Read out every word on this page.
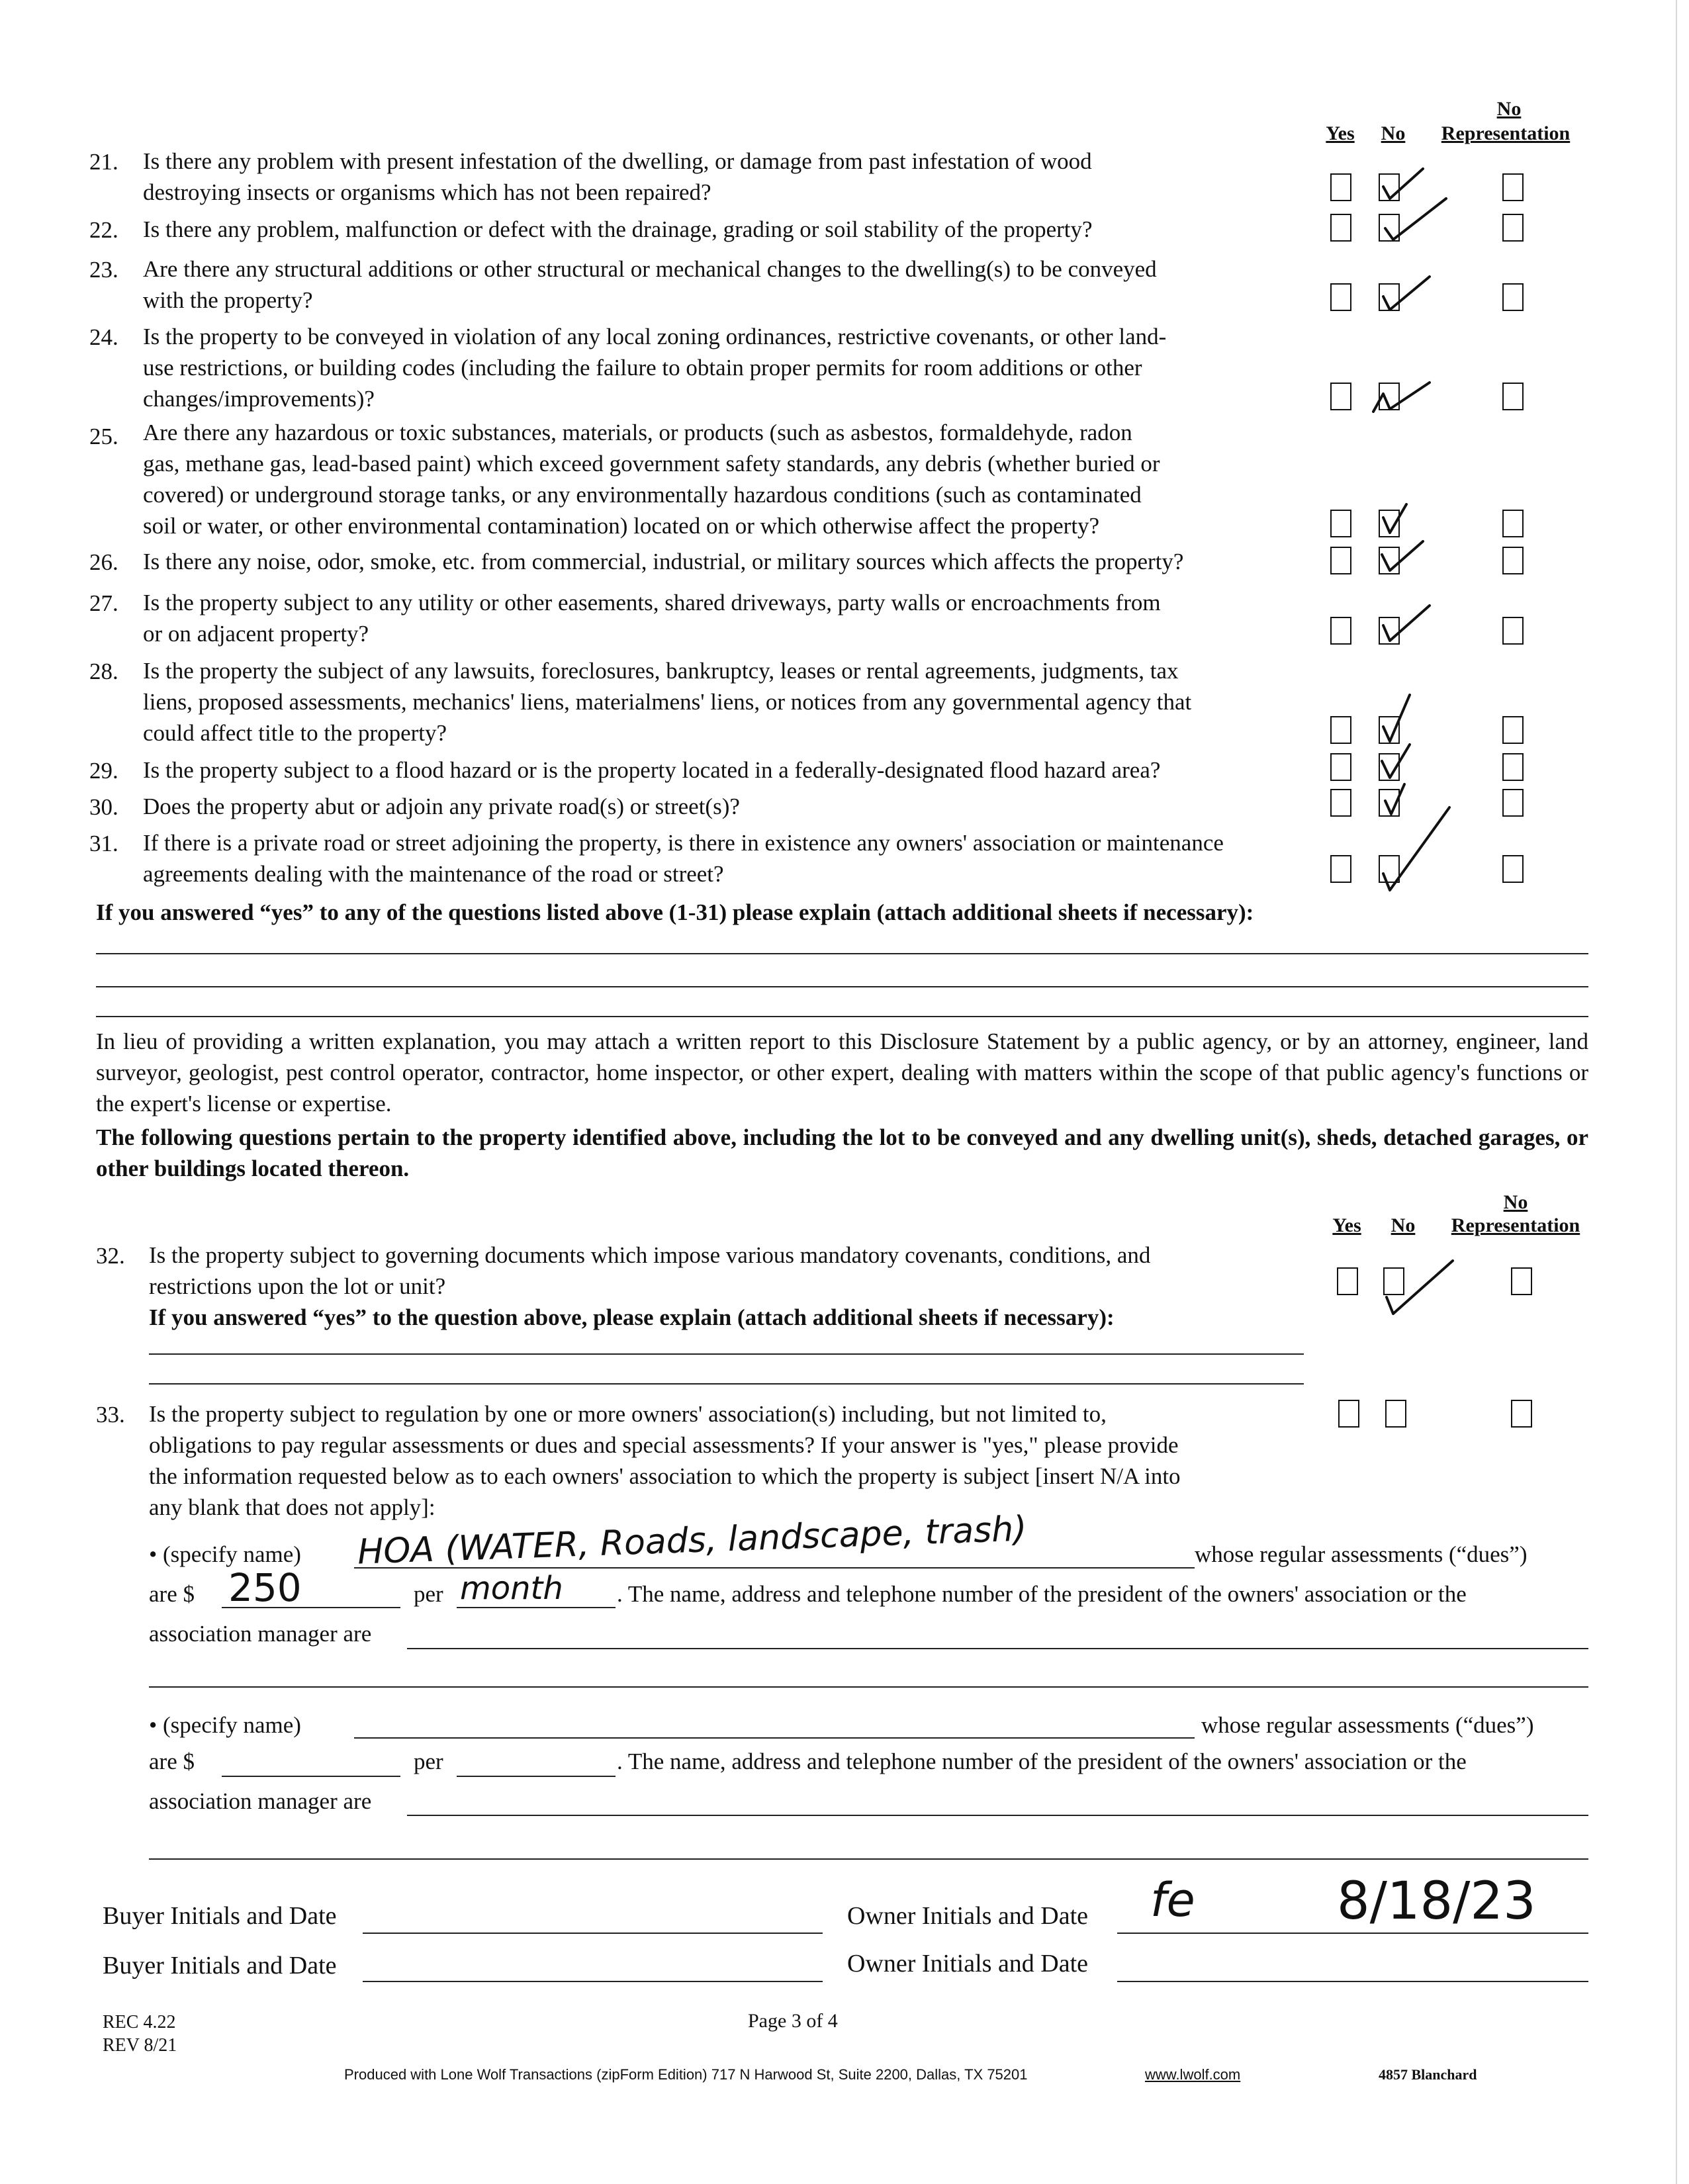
No
Yes	No	Representation
21. Is there any problem with present infestation of the dwelling, or damage from past infestation of wood
destroying insects or organisms which has not been repaired?
22. Is there any problem, malfunction or defect with the drainage, grading or soil stability of the property?
23. Are there any structural additions or other structural or mechanical changes to the dwelling(s) to be conveyed
with the property?
24. Is the property to be conveyed in violation of any local zoning ordinances, restrictive covenants, or other land-
use restrictions, or building codes (including the failure to obtain proper permits for room additions or other
changes/improvements)?
25. Are there any hazardous or toxic substances, materials, or products (such as asbestos, formaldehyde, radon
gas, methane gas, lead-based paint) which exceed government safety standards, any debris (whether buried or
covered) or underground storage tanks, or any environmentally hazardous conditions (such as contaminated
soil or water, or other environmental contamination) located on or which otherwise affect the property?
26. Is there any noise, odor, smoke, etc. from commercial, industrial, or military sources which affects the property?
27. Is the property subject to any utility or other easements, shared driveways, party walls or encroachments from
or on adjacent property?
28. Is the property the subject of any lawsuits, foreclosures, bankruptcy, leases or rental agreements, judgments, tax
liens, proposed assessments, mechanics' liens, materialmens' liens, or notices from any governmental agency that
could affect title to the property?
29. Is the property subject to a flood hazard or is the property located in a federally-designated flood hazard area?
30. Does the property abut or adjoin any private road(s) or street(s)?
31. If there is a private road or street adjoining the property, is there in existence any owners' association or maintenance
agreements dealing with the maintenance of the road or street?
If you answered “yes” to any of the questions listed above (1-31) please explain (attach additional sheets if necessary):
In lieu of providing a written explanation, you may attach a written report to this Disclosure Statement by a public agency, or by an attorney, engineer, land surveyor, geologist, pest control operator, contractor, home inspector, or other expert, dealing with matters within the scope of that public agency's functions or the expert's license or expertise.
The following questions pertain to the property identified above, including the lot to be conveyed and any dwelling unit(s), sheds, detached garages, or other buildings located thereon.
No
Yes	No	Representation
32. Is the property subject to governing documents which impose various mandatory covenants, conditions, and
restrictions upon the lot or unit?
If you answered “yes” to the question above, please explain (attach additional sheets if necessary):
33. Is the property subject to regulation by one or more owners' association(s) including, but not limited to,
obligations to pay regular assessments or dues and special assessments? If your answer is "yes," please provide
the information requested below as to each owners' association to which the property is subject [insert N/A into
any blank that does not apply]:
• (specify name) HOA (WATER, Roads, landscape, trash)	whose regular assessments (“dues”)
are $ 250	per month . The name, address and telephone number of the president of the owners' association or the
association manager are
• (specify name)	whose regular assessments (“dues”)
are $	per	. The name, address and telephone number of the president of the owners' association or the
association manager are
Buyer Initials and Date	Owner Initials and Date fe	8/18/23
Buyer Initials and Date	Owner Initials and Date
REC 4.22
REV 8/21
Page 3 of 4
Produced with Lone Wolf Transactions (zipForm Edition) 717 N Harwood St, Suite 2200, Dallas, TX 75201	www.lwolf.com	4857 Blanchard
